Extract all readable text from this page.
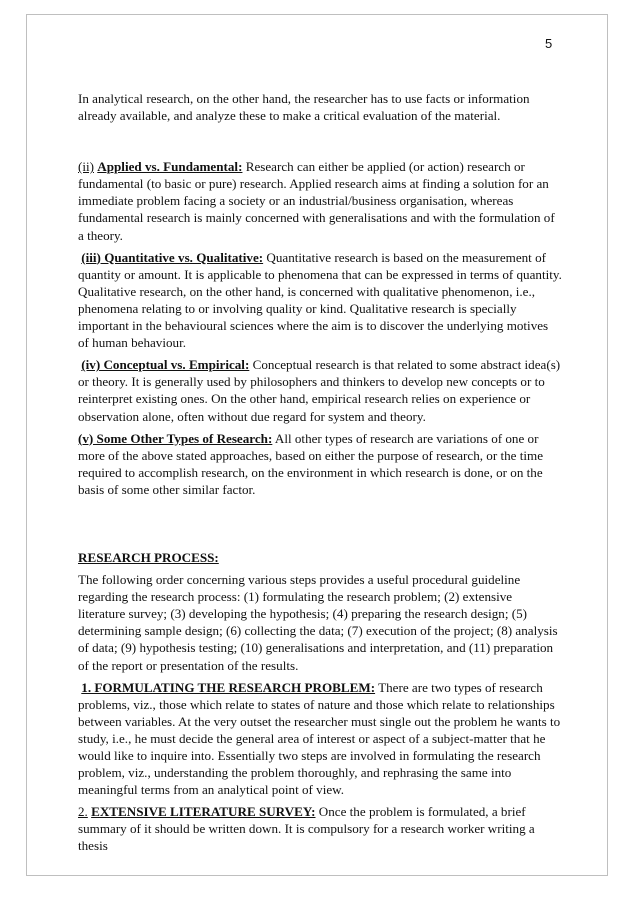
5

In analytical research, on the other hand, the researcher has to use facts or information already available, and analyze these to make a critical evaluation of the material.

(ii) Applied vs. Fundamental: Research can either be applied (or action) research or fundamental (to basic or pure) research. Applied research aims at finding a solution for an immediate problem facing a society or an industrial/business organisation, whereas fundamental research is mainly concerned with generalisations and with the formulation of a theory.

(iii) Quantitative vs. Qualitative: Quantitative research is based on the measurement of quantity or amount. It is applicable to phenomena that can be expressed in terms of quantity. Qualitative research, on the other hand, is concerned with qualitative phenomenon, i.e., phenomena relating to or involving quality or kind. Qualitative research is specially important in the behavioural sciences where the aim is to discover the underlying motives of human behaviour.

(iv) Conceptual vs. Empirical: Conceptual research is that related to some abstract idea(s) or theory. It is generally used by philosophers and thinkers to develop new concepts or to reinterpret existing ones. On the other hand, empirical research relies on experience or observation alone, often without due regard for system and theory.

(v) Some Other Types of Research: All other types of research are variations of one or more of the above stated approaches, based on either the purpose of research, or the time required to accomplish research, on the environment in which research is done, or on the basis of some other similar factor.

RESEARCH PROCESS:

The following order concerning various steps provides a useful procedural guideline regarding the research process: (1) formulating the research problem; (2) extensive literature survey; (3) developing the hypothesis; (4) preparing the research design; (5) determining sample design; (6) collecting the data; (7) execution of the project; (8) analysis of data; (9) hypothesis testing; (10) generalisations and interpretation, and (11) preparation of the report or presentation of the results.

1. FORMULATING THE RESEARCH PROBLEM: There are two types of research problems, viz., those which relate to states of nature and those which relate to relationships between variables. At the very outset the researcher must single out the problem he wants to study, i.e., he must decide the general area of interest or aspect of a subject-matter that he would like to inquire into. Essentially two steps are involved in formulating the research problem, viz., understanding the problem thoroughly, and rephrasing the same into meaningful terms from an analytical point of view.

2. EXTENSIVE LITERATURE SURVEY: Once the problem is formulated, a brief summary of it should be written down. It is compulsory for a research worker writing a thesis
